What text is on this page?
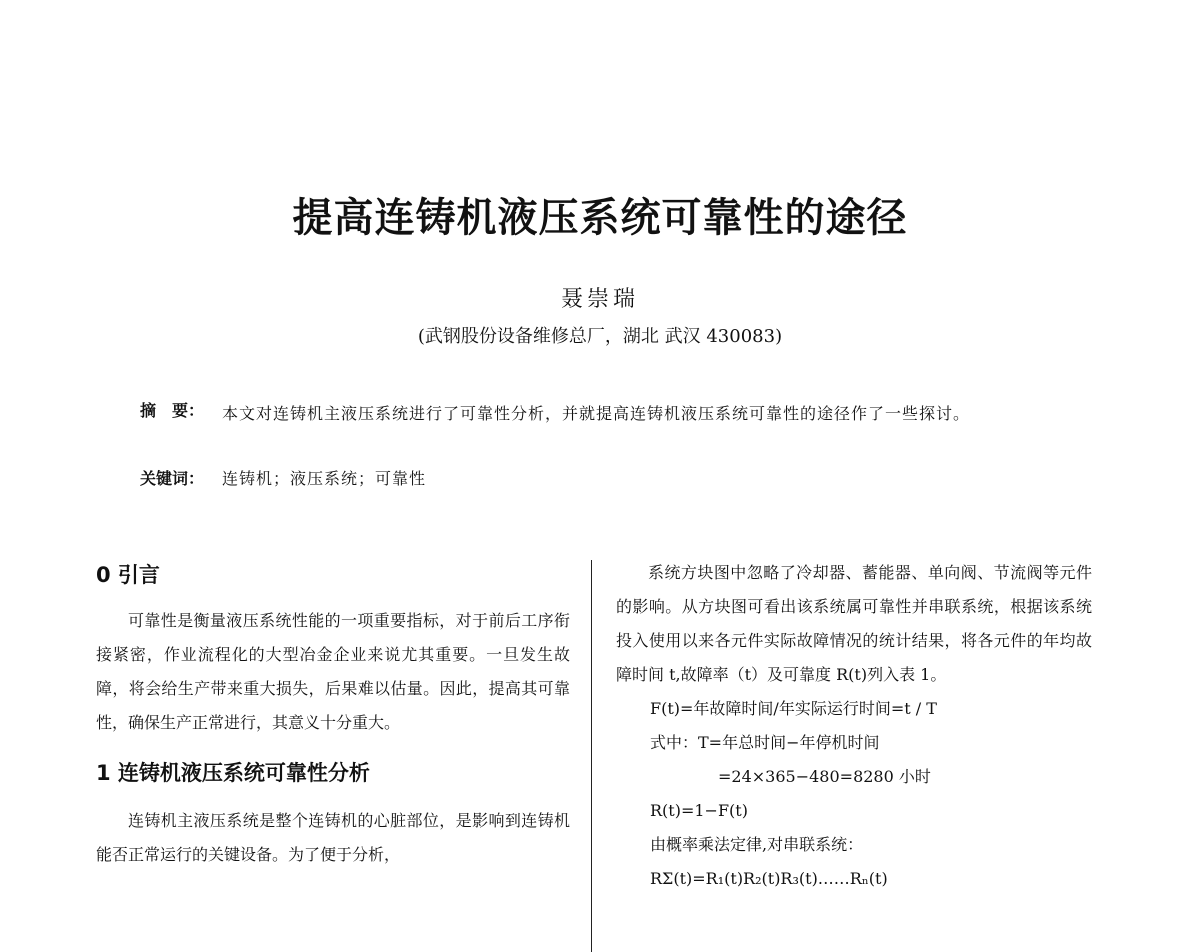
提高连铸机液压系统可靠性的途径
聂崇瑞
(武钢股份设备维修总厂，湖北 武汉 430083)
摘　要： 本文对连铸机主液压系统进行了可靠性分析，并就提高连铸机液压系统可靠性的途径作了一些探讨。
关键词： 连铸机；液压系统；可靠性
0 引言

可靠性是衡量液压系统性能的一项重要指标，对于前后工序衔接紧密，作业流程化的大型冶金企业来说尤其重要。一旦发生故障，将会给生产带来重大损失，后果难以估量。因此，提高其可靠性，确保生产正常进行，其意义十分重大。

1 连铸机液压系统可靠性分析

连铸机主液压系统是整个连铸机的心脏部位，是影响到连铸机能否正常运行的关键设备。为了便于分析，

系统方块图中忽略了冷却器、蓄能器、单向阀、节流阀等元件的影响。从方块图可看出该系统属可靠性并串联系统，根据该系统投入使用以来各元件实际故障情况的统计结果，将各元件的年均故障时间 t,故障率（t）及可靠度 R(t)列入表 1。

F(t)=年故障时间/年实际运行时间=t / T

式中：T=年总时间−年停机时间

=24×365−480=8280 小时

R(t)=1−F(t)

由概率乘法定律,对串联系统：

RΣ(t)=R₁(t)R₂(t)R₃(t)……Rₙ(t)
